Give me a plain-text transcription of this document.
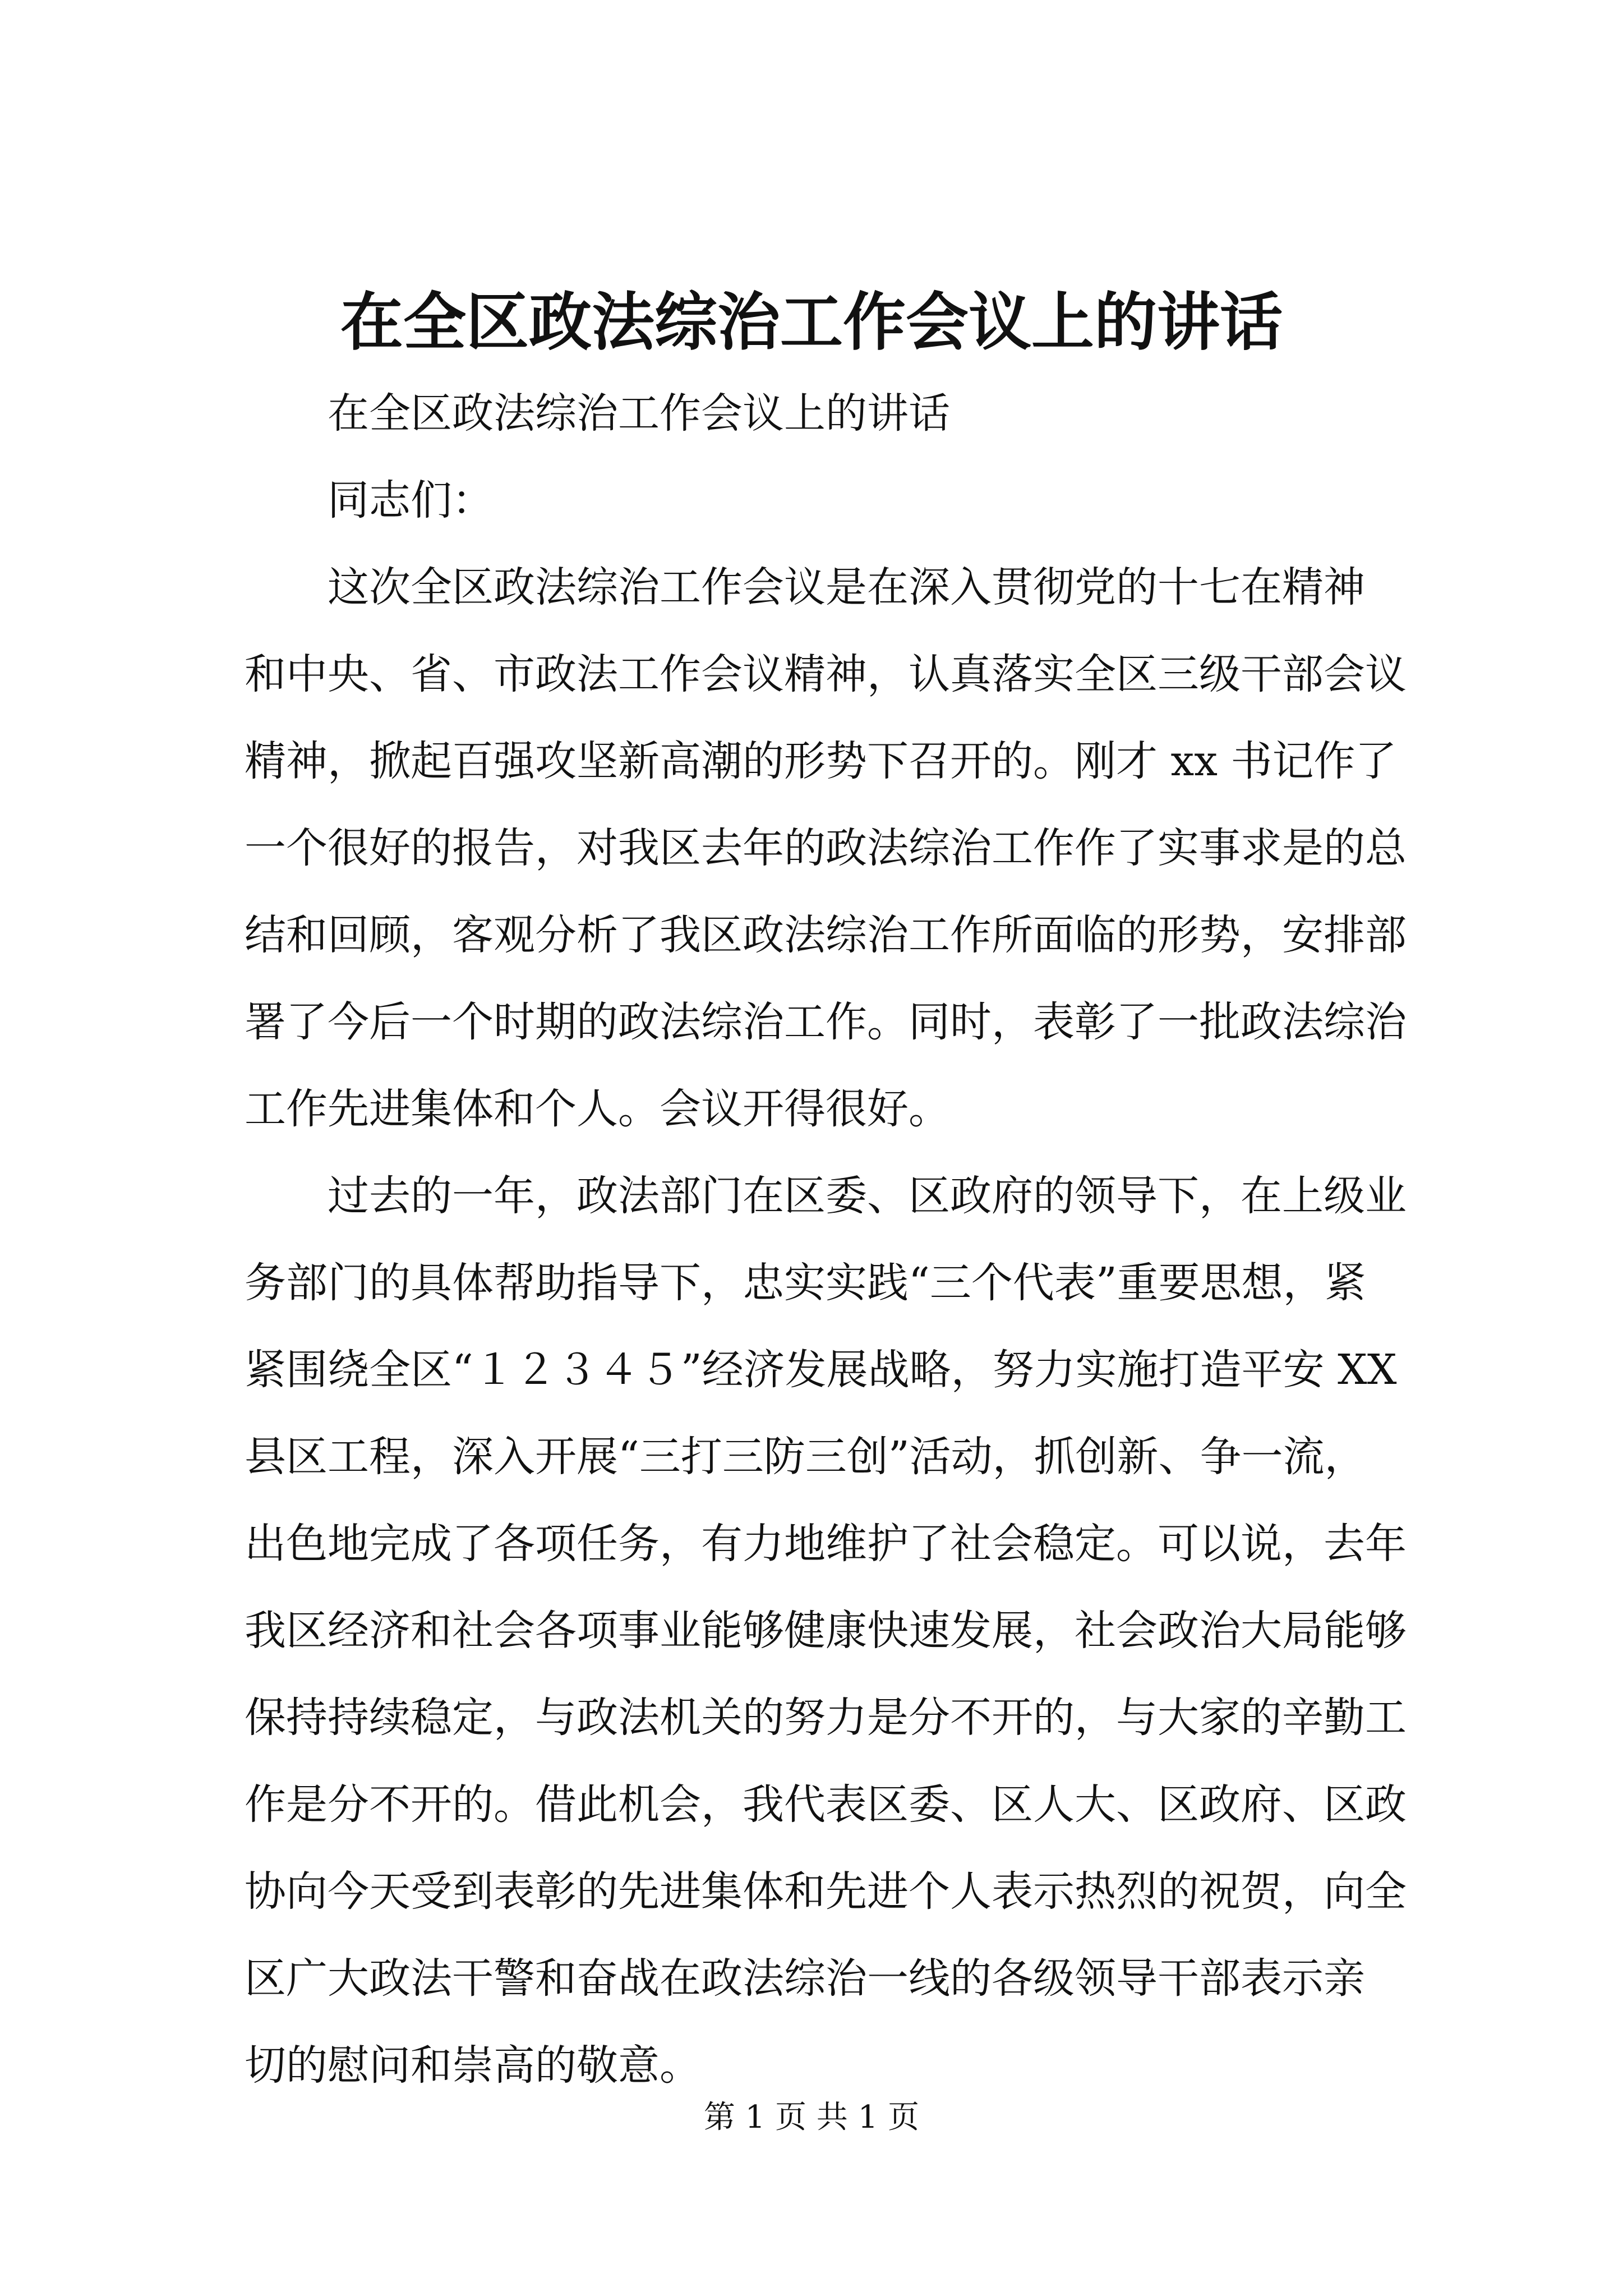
在全区政法综治工作会议上的讲话
在全区政法综治工作会议上的讲话
同志们：
这次全区政法综治工作会议是在深入贯彻党的十七在精神
和中央、省、市政法工作会议精神，认真落实全区三级干部会议
精神，掀起百强攻坚新高潮的形势下召开的。刚才 xx 书记作了
一个很好的报告，对我区去年的政法综治工作作了实事求是的总
结和回顾，客观分析了我区政法综治工作所面临的形势，安排部
署了今后一个时期的政法综治工作。同时，表彰了一批政法综治
工作先进集体和个人。会议开得很好。
过去的一年，政法部门在区委、区政府的领导下，在上级业
务部门的具体帮助指导下，忠实实践“三个代表”重要思想，紧
紧围绕全区“１２３４５”经济发展战略，努力实施打造平安 XX
县区工程，深入开展“三打三防三创”活动，抓创新、争一流，
出色地完成了各项任务，有力地维护了社会稳定。可以说，去年
我区经济和社会各项事业能够健康快速发展，社会政治大局能够
保持持续稳定，与政法机关的努力是分不开的，与大家的辛勤工
作是分不开的。借此机会，我代表区委、区人大、区政府、区政
协向今天受到表彰的先进集体和先进个人表示热烈的祝贺，向全
区广大政法干警和奋战在政法综治一线的各级领导干部表示亲
切的慰问和崇高的敬意。
第 1 页 共 1 页
